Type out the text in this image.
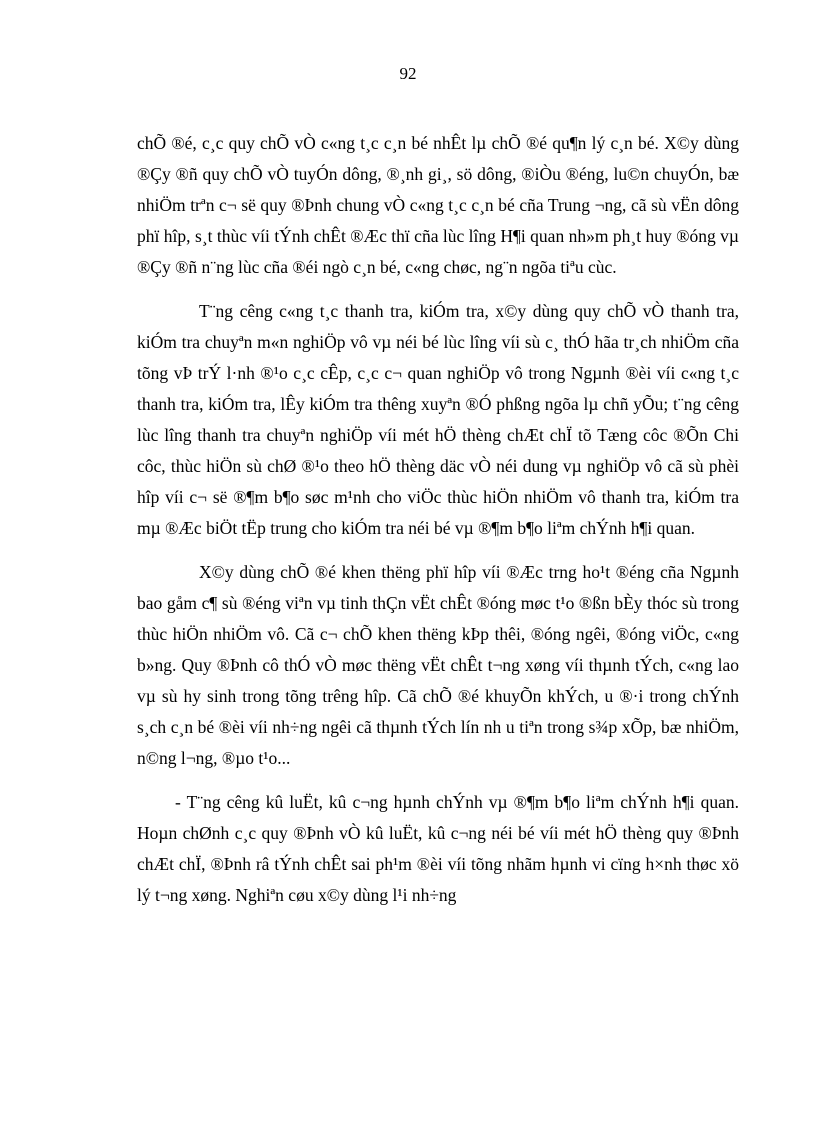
92

chÕ ®é, c¸c quy chÕ vÒ c«ng t¸c c¸n bé nhÊt lµ chÕ ®é qu¶n lý c¸n bé. X©y dùng ®Çy ®ñ quy chÕ vÒ tuyÓn dông, ®¸nh gi¸, sö dông, ®iÒu ®éng, lu©n chuyÓn, bæ nhiÖm trªn c¬ së quy ®Þnh chung vÒ c«ng t¸c c¸n bé cña Trung ¬ng, cã sù vËn dông phï hîp, s¸t thùc víi tÝnh chÊt ®Æc thï cña lùc lîng H¶i quan nh»m ph¸t huy ®óng vµ ®Çy ®ñ n¨ng lùc cña ®éi ngò c¸n bé, c«ng chøc, ng¨n ngõa tiªu cùc.

T¨ng cêng c«ng t¸c thanh tra, kiÓm tra, x©y dùng quy chÕ vÒ thanh tra, kiÓm tra chuyªn m«n nghiÖp vô vµ néi bé lùc lîng víi sù c¸ thÓ hãa tr¸ch nhiÖm cña tõng vÞ trÝ l·nh ®¹o c¸c cÊp, c¸c c¬ quan nghiÖp vô trong Ngµnh ®èi víi c«ng t¸c thanh tra, kiÓm tra, lÊy kiÓm tra thêng xuyªn ®Ó phßng ngõa lµ chñ yÕu; t¨ng cêng lùc lîng thanh tra chuyªn nghiÖp víi mét hÖ thèng chÆt chÏ tõ Tæng côc ®Õn Chi côc, thùc hiÖn sù chØ ®¹o theo hÖ thèng däc vÒ néi dung vµ nghiÖp vô cã sù phèi hîp víi c¬ së ®¶m b¶o søc m¹nh cho viÖc thùc hiÖn nhiÖm vô thanh tra, kiÓm tra mµ ®Æc biÖt tËp trung cho kiÓm tra néi bé vµ ®¶m b¶o liªm chÝnh h¶i quan.

X©y dùng chÕ ®é khen thëng phï hîp víi ®Æc trng ho¹t ®éng cña Ngµnh bao gåm c¶ sù ®éng viªn vµ tinh thÇn vËt chÊt ®óng møc t¹o ®ßn bÈy thóc sù trong thùc hiÖn nhiÖm vô. Cã c¬ chÕ khen thëng kÞp thêi, ®óng ngêi, ®óng viÖc, c«ng b»ng. Quy ®Þnh cô thÓ vÒ møc thëng vËt chÊt t¬ng xøng víi thµnh tÝch, c«ng lao vµ sù hy sinh trong tõng trêng hîp. Cã chÕ ®é khuyÕn khÝch, u ®·i trong chÝnh s¸ch c¸n bé ®èi víi nh÷ng ngêi cã thµnh tÝch lín nh u tiªn trong s¾p xÕp, bæ nhiÖm, n©ng l¬ng, ®µo t¹o...

- T¨ng cêng kû luËt, kû c¬ng hµnh chÝnh vµ ®¶m b¶o liªm chÝnh h¶i quan. Hoµn chØnh c¸c quy ®Þnh vÒ kû luËt, kû c¬ng néi bé víi mét hÖ thèng quy ®Þnh chÆt chÏ, ®Þnh râ tÝnh chÊt sai ph¹m ®èi víi tõng nhãm hµnh vi cïng h×nh thøc xö lý t¬ng xøng. Nghiªn cøu x©y dùng l¹i nh÷ng
